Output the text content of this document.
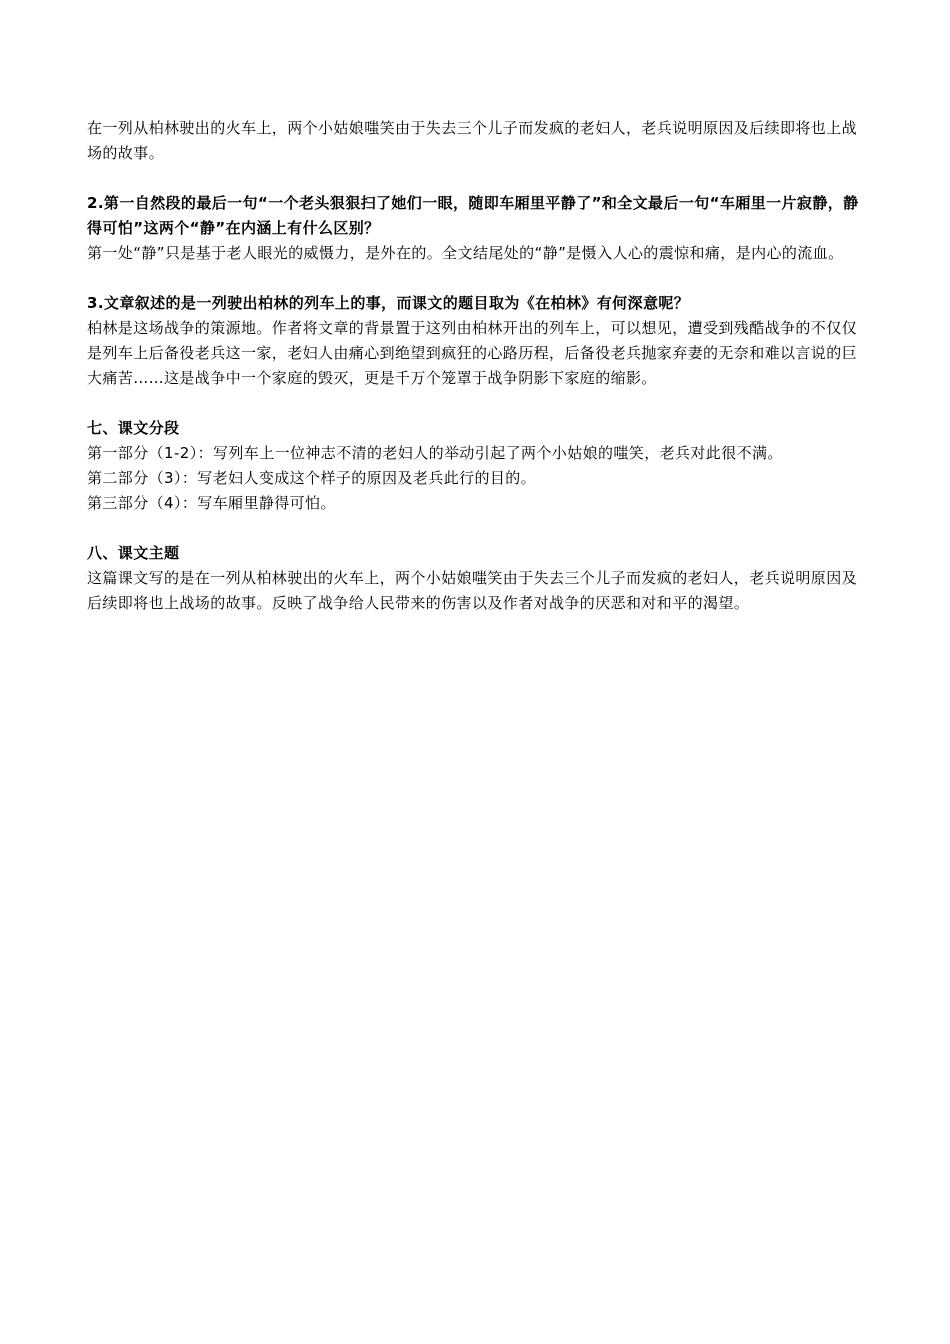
在一列从柏林驶出的火车上，两个小姑娘嗤笑由于失去三个儿子而发疯的老妇人，老兵说明原因及后续即将也上战场的故事。

2.第一自然段的最后一句“一个老头狠狠扫了她们一眼，随即车厢里平静了”和全文最后一句“车厢里一片寂静，静得可怕”这两个“静”在内涵上有什么区别？

第一处“静”只是基于老人眼光的威慑力，是外在的。全文结尾处的“静”是慑入人心的震惊和痛，是内心的流血。

3.文章叙述的是一列驶出柏林的列车上的事，而课文的题目取为《在柏林》有何深意呢？

柏林是这场战争的策源地。作者将文章的背景置于这列由柏林开出的列车上，可以想见，遭受到残酷战争的不仅仅是列车上后备役老兵这一家，老妇人由痛心到绝望到疯狂的心路历程，后备役老兵抛家弃妻的无奈和难以言说的巨大痛苦……这是战争中一个家庭的毁灭，更是千万个笼罩于战争阴影下家庭的缩影。

七、课文分段

第一部分（1-2）：写列车上一位神志不清的老妇人的举动引起了两个小姑娘的嗤笑，老兵对此很不满。

第二部分（3）：写老妇人变成这个样子的原因及老兵此行的目的。

第三部分（4）：写车厢里静得可怕。

八、课文主题

这篇课文写的是在一列从柏林驶出的火车上，两个小姑娘嗤笑由于失去三个儿子而发疯的老妇人，老兵说明原因及后续即将也上战场的故事。反映了战争给人民带来的伤害以及作者对战争的厌恶和对和平的渴望。
